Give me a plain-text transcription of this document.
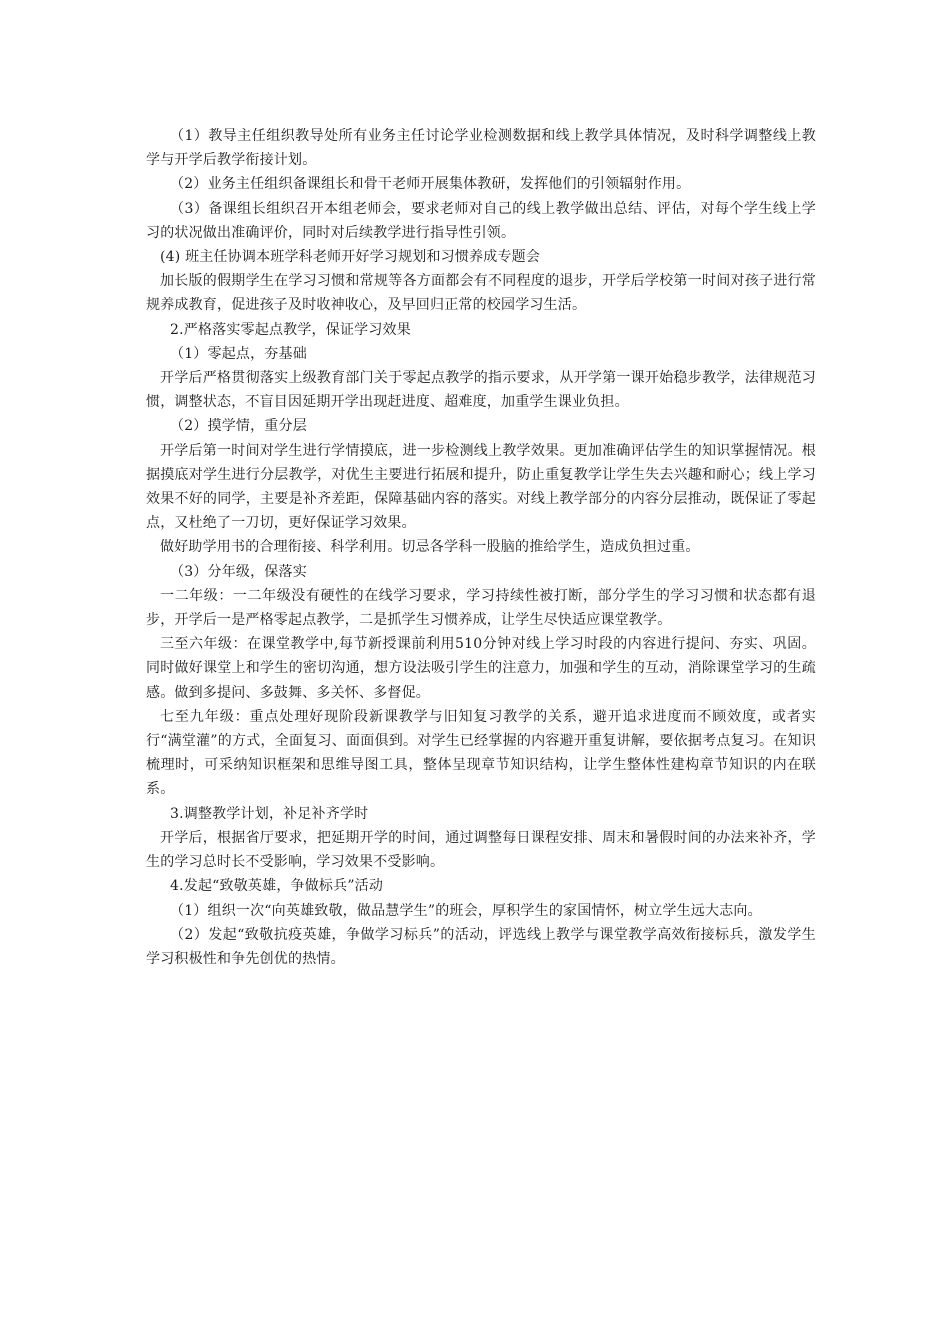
（1）教导主任组织教导处所有业务主任讨论学业检测数据和线上教学具体情况，及时科学调整线上教学与开学后教学衔接计划。

（2）业务主任组织备课组长和骨干老师开展集体教研，发挥他们的引领辐射作用。

（3）备课组长组织召开本组老师会，要求老师对自己的线上教学做出总结、评估，对每个学生线上学习的状况做出准确评价，同时对后续教学进行指导性引领。

(4) 班主任协调本班学科老师开好学习规划和习惯养成专题会

加长版的假期学生在学习习惯和常规等各方面都会有不同程度的退步，开学后学校第一时间对孩子进行常规养成教育，促进孩子及时收神收心，及早回归正常的校园学习生活。

2.严格落实零起点教学，保证学习效果

（1）零起点，夯基础

开学后严格贯彻落实上级教育部门关于零起点教学的指示要求，从开学第一课开始稳步教学，法律规范习惯，调整状态，不盲目因延期开学出现赶进度、超难度，加重学生课业负担。

（2）摸学情，重分层

开学后第一时间对学生进行学情摸底，进一步检测线上教学效果。更加准确评估学生的知识掌握情况。根据摸底对学生进行分层教学，对优生主要进行拓展和提升，防止重复教学让学生失去兴趣和耐心；线上学习效果不好的同学，主要是补齐差距，保障基础内容的落实。对线上教学部分的内容分层推动，既保证了零起点，又杜绝了一刀切，更好保证学习效果。

做好助学用书的合理衔接、科学利用。切忌各学科一股脑的推给学生，造成负担过重。

（3）分年级，保落实

一二年级：一二年级没有硬性的在线学习要求，学习持续性被打断，部分学生的学习习惯和状态都有退步，开学后一是严格零起点教学，二是抓学生习惯养成，让学生尽快适应课堂教学。

三至六年级：在课堂教学中,每节新授课前利用510分钟对线上学习时段的内容进行提问、夯实、巩固。同时做好课堂上和学生的密切沟通，想方设法吸引学生的注意力，加强和学生的互动，消除课堂学习的生疏感。做到多提问、多鼓舞、多关怀、多督促。

七至九年级：重点处理好现阶段新课教学与旧知复习教学的关系，避开追求进度而不顾效度，或者实行“满堂灌”的方式，全面复习、面面俱到。对学生已经掌握的内容避开重复讲解，要依据考点复习。在知识梳理时，可采纳知识框架和思维导图工具，整体呈现章节知识结构，让学生整体性建构章节知识的内在联系。

3.调整教学计划，补足补齐学时

开学后，根据省厅要求，把延期开学的时间，通过调整每日课程安排、周末和暑假时间的办法来补齐，学生的学习总时长不受影响，学习效果不受影响。

4.发起“致敬英雄，争做标兵”活动

（1）组织一次“向英雄致敬，做品慧学生”的班会，厚积学生的家国情怀，树立学生远大志向。

（2）发起“致敬抗疫英雄，争做学习标兵”的活动，评选线上教学与课堂教学高效衔接标兵，激发学生学习积极性和争先创优的热情。
